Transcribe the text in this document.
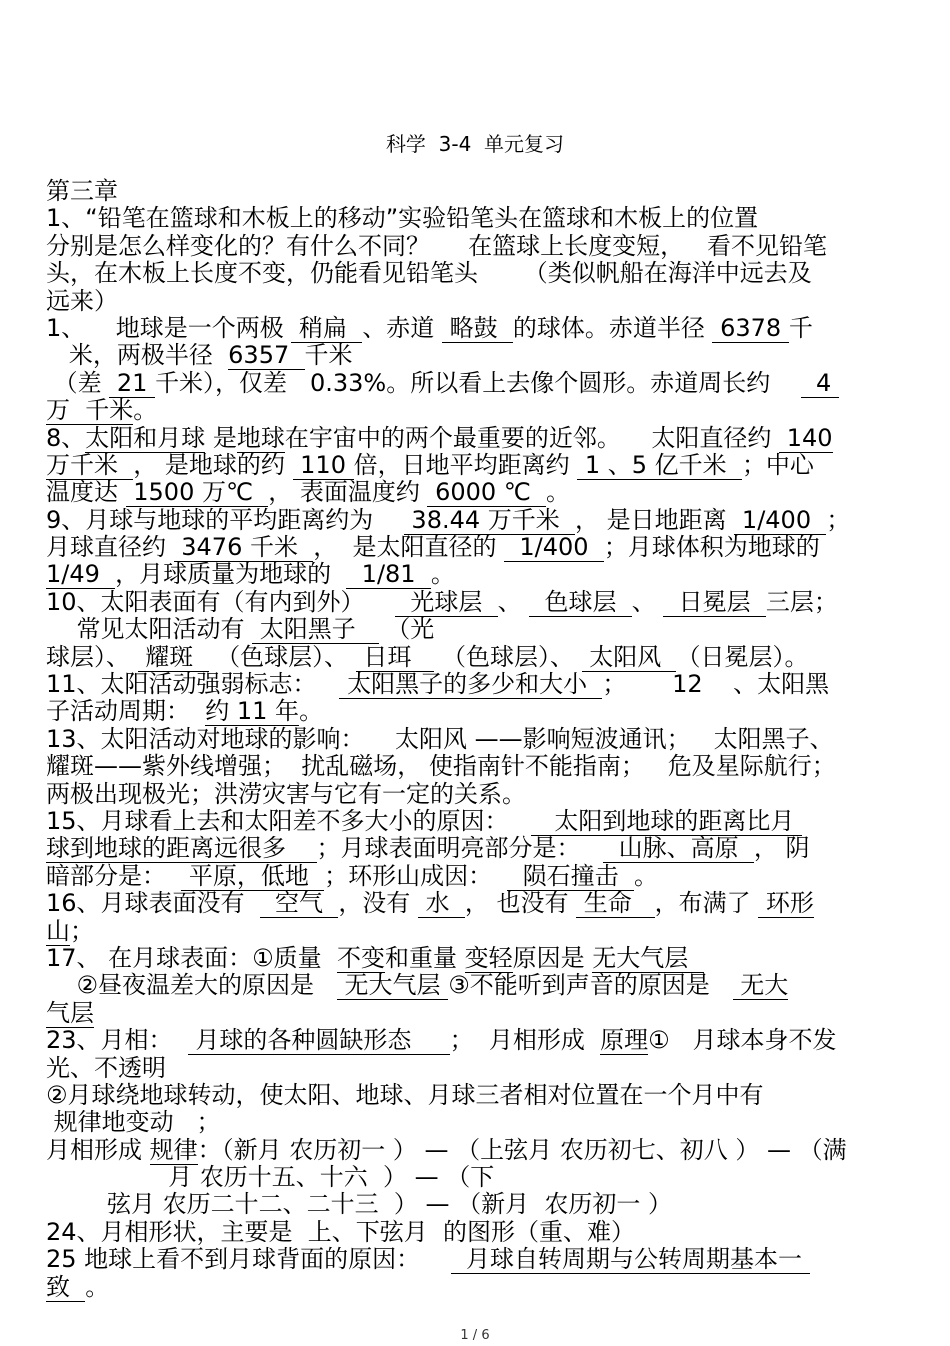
科学  3-4  单元复习
第三章
1、“铅笔在篮球和木板上的移动”实验铅笔头在篮球和木板上的位置
分别是怎么样变化的？有什么不同？     在篮球上长度变短，   看不见铅笔
头，在木板上长度不变，仍能看见铅笔头      （类似帆船在海洋中远去及
远来）
1、    地球是一个两极  稍扁  、赤道  略鼓  的球体。赤道半径  6378 千
米，两极半径  6357  千米
（差  21 千米），仅差   0.33%。所以看上去像个圆形。赤道周长约      4
万  千米。
8、太阳和月球 是地球在宇宙中的两个最重要的近邻。    太阳直径约  140
万千米  ， 是地球的约  110 倍，日地平均距离约  1 、5 亿千米  ；中心
温度达  1500 万℃  ， 表面温度约  6000 ℃  。
9、月球与地球的平均距离约为     38.44 万千米  ， 是日地距离  1/400  ；
月球直径约  3476 千米  ，  是太阳直径的   1/400  ；月球体积为地球的
1/49  ，月球质量为地球的    1/81  。
10、太阳表面有（有内到外）      光球层  、   色球层  、   日冕层  三层；
常见太阳活动有  太阳黑子    （光
球层）、  耀斑   （色球层）、  日珥    （色球层）、  太阳风  （日冕层）。
11、太阳活动强弱标志：    太阳黑子的多少和大小  ；      12    、太阳黑
子活动周期：  约 11 年。
13、太阳活动对地球的影响：    太阳风 ——影响短波通讯；   太阳黑子、
耀斑——紫外线增强；  扰乱磁场， 使指南针不能指南；   危及星际航行；
两极出现极光；洪涝灾害与它有一定的关系。
15、月球看上去和太阳差不多大小的原因：      太阳到地球的距离比月
球到地球的距离远很多    ；月球表面明亮部分是：     山脉、高原  ， 阴
暗部分是：   平原，低地  ；环形山成因：    陨石撞击  。
16、月球表面没有    空气  ，没有  水  ， 也没有  生命   ，布满了  环形
山；
17、 在月球表面：①质量  不变和重量 变轻原因是 无大气层
②昼夜温差大的原因是    无大气层 ③不能听到声音的原因是    无大
气层
23、月相：   月球的各种圆缺形态     ；  月相形成  原理①   月球本身不发
光、不透明
②月球绕地球转动，使太阳、地球、月球三者相对位置在一个月中有
规律地变动   ；
月相形成 规律：（新月 农历初一 ） — （上弦月 农历初七、初八 ） — （满
月 农历十五、十六  ） — （下
弦月 农历二十二、二十三  ） — （新月  农历初一 ）
24、月相形状，主要是  上、下弦月  的图形（重、难）
25 地球上看不到月球背面的原因：      月球自转周期与公转周期基本一
致  。
1 / 6
